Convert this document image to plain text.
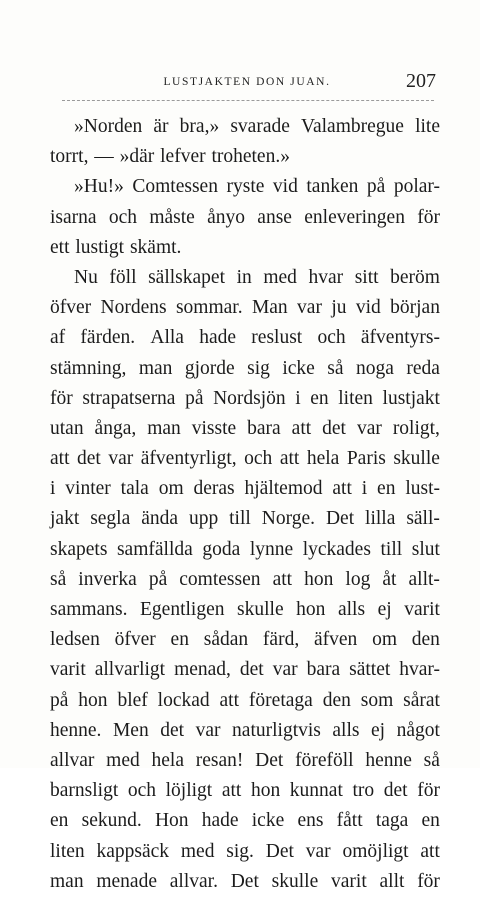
LUSTJAKTEN DON JUAN.	207
»Norden är bra,» svarade Valambregue lite
torrt, — »där lefver troheten.»
»Hu!» Comtessen ryste vid tanken på polar-
isarna och måste ånyo anse enleveringen för
ett lustigt skämt.
Nu föll sällskapet in med hvar sitt beröm
öfver Nordens sommar. Man var ju vid början
af färden. Alla hade reslust och äfventyrs-
stämning, man gjorde sig icke så noga reda
för strapatserna på Nordsjön i en liten lustjakt
utan ånga, man visste bara att det var roligt,
att det var äfventyrligt, och att hela Paris skulle
i vinter tala om deras hjältemod att i en lust-
jakt segla ända upp till Norge. Det lilla säll-
skapets samfällda goda lynne lyckades till slut
så inverka på comtessen att hon log åt allt-
sammans. Egentligen skulle hon alls ej varit
ledsen öfver en sådan färd, äfven om den
varit allvarligt menad, det var bara sättet hvar-
på hon blef lockad att företaga den som sårat
henne. Men det var naturligtvis alls ej något
allvar med hela resan! Det föreföll henne så
barnsligt och löjligt att hon kunnat tro det för
en sekund. Hon hade icke ens fått taga en
liten kappsäck med sig. Det var omöjligt att
man menade allvar. Det skulle varit allt för
